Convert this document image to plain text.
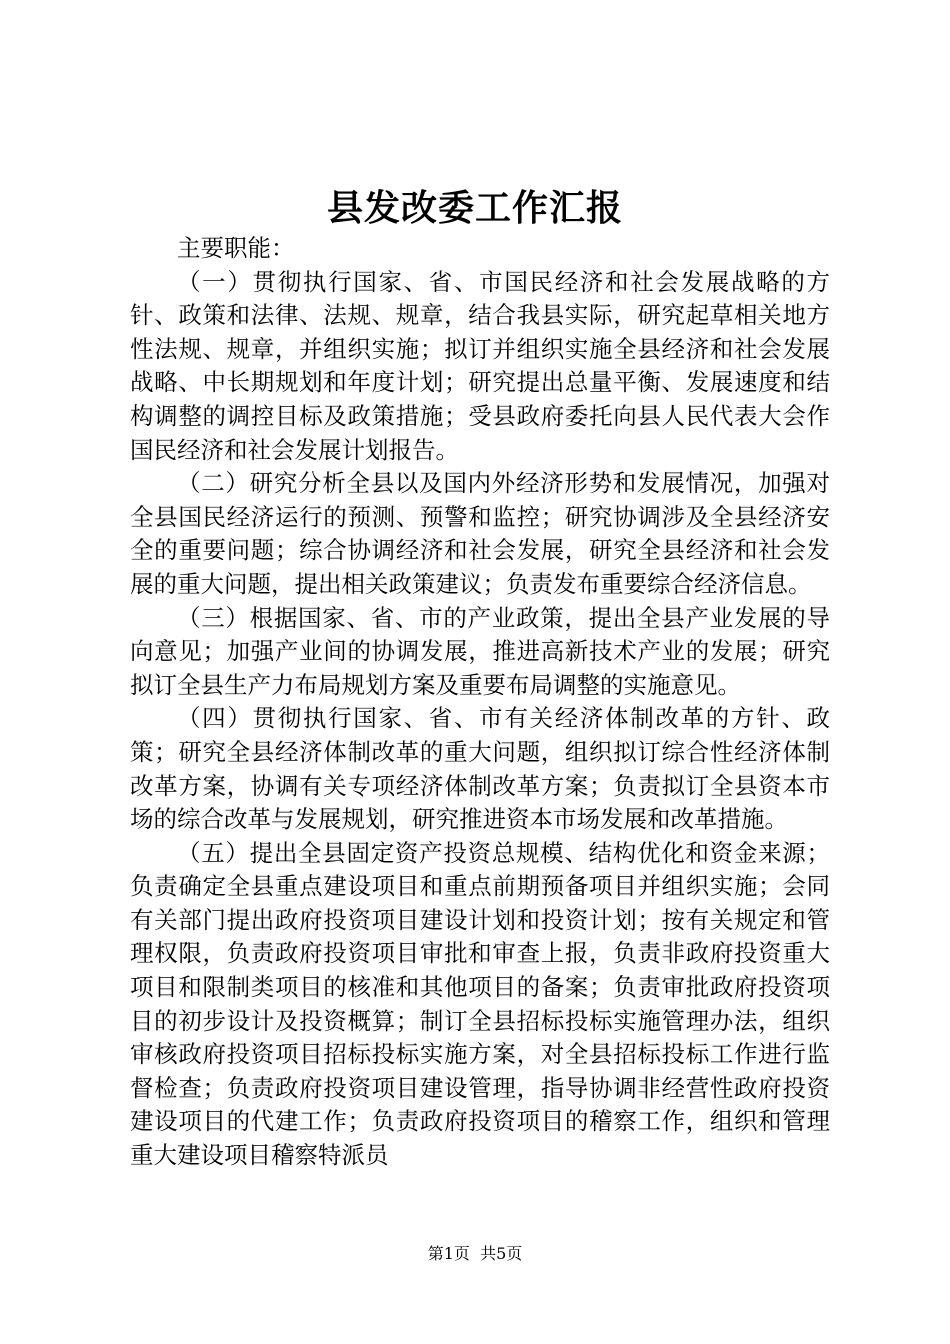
县发改委工作汇报

主要职能：

（一）贯彻执行国家、省、市国民经济和社会发展战略的方针、政策和法律、法规、规章，结合我县实际，研究起草相关地方性法规、规章，并组织实施；拟订并组织实施全县经济和社会发展战略、中长期规划和年度计划；研究提出总量平衡、发展速度和结构调整的调控目标及政策措施；受县政府委托向县人民代表大会作国民经济和社会发展计划报告。

（二）研究分析全县以及国内外经济形势和发展情况，加强对全县国民经济运行的预测、预警和监控；研究协调涉及全县经济安全的重要问题；综合协调经济和社会发展，研究全县经济和社会发展的重大问题，提出相关政策建议；负责发布重要综合经济信息。

（三）根据国家、省、市的产业政策，提出全县产业发展的导向意见；加强产业间的协调发展，推进高新技术产业的发展；研究拟订全县生产力布局规划方案及重要布局调整的实施意见。

（四）贯彻执行国家、省、市有关经济体制改革的方针、政策；研究全县经济体制改革的重大问题，组织拟订综合性经济体制改革方案，协调有关专项经济体制改革方案；负责拟订全县资本市场的综合改革与发展规划，研究推进资本市场发展和改革措施。

（五）提出全县固定资产投资总规模、结构优化和资金来源；负责确定全县重点建设项目和重点前期预备项目并组织实施；会同有关部门提出政府投资项目建设计划和投资计划；按有关规定和管理权限，负责政府投资项目审批和审查上报，负责非政府投资重大项目和限制类项目的核准和其他项目的备案；负责审批政府投资项目的初步设计及投资概算；制订全县招标投标实施管理办法，组织审核政府投资项目招标投标实施方案，对全县招标投标工作进行监督检查；负责政府投资项目建设管理，指导协调非经营性政府投资建设项目的代建工作；负责政府投资项目的稽察工作，组织和管理重大建设项目稽察特派员

第1页  共5页
